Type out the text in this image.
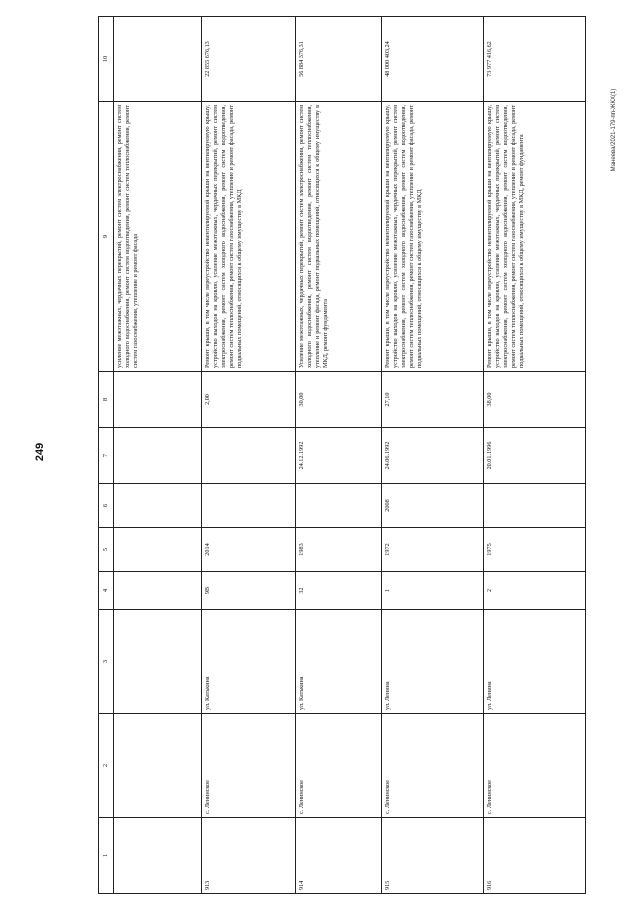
249
Манеева/2021-179-пп-ЖКХ(1)
1	2	3	4	5	6	7	8	9	10
								усиление межэтажных, чердачных перекрытий, ремонт систем электроснабжения, ремонт систем холодного водоснабжения, ремонт систем водоотведения, ремонт систем теплоснабжения, ремонт систем газоснабжения, утепление и ремонт фасада	
913	с. Ленинское	ул. Катькина	9В	2014			2,00	Ремонт крыши, в том числе переустройство невентилируемой крыши на вентилируемую крышу, устройство выходов на кровлю, усиление межэтажных, чердачных перекрытий, ремонт систем электроснабжения, ремонт систем холодного водоснабжения, ремонт систем водоотведения, ремонт систем теплоснабжения, ремонт систем газоснабжения, утепление и ремонт фасада, ремонт подвальных помещений, относящихся к общему имуществу в МКД	22 855 676,13
914	с. Ленинское	ул. Катькина	32	1983		24.12.1992	30,00	Усиление межэтажных, чердачных перекрытий, ремонт систем электроснабжения, ремонт систем холодного водоснабжения, ремонт систем водоотведения, ремонт систем теплоснабжения, утепление и ремонт фасада, ремонт подвальных помещений, относящихся к общему имуществу в МКД, ремонт фундамента	56 884 376,31
915	с. Ленинское	ул. Ленина	1	1972	2008	24.06.1992	27,10	Ремонт крыши, в том числе переустройство невентилируемой крыши на вентилируемую крышу, устройство выходов на кровлю, усиление межэтажных, чердачных перекрытий, ремонт систем электроснабжения, ремонт систем холодного водоснабжения, ремонт систем водоотведения, ремонт систем теплоснабжения, ремонт систем газоснабжения, утепление и ремонт фасада, ремонт подвальных помещений, относящихся к общему имуществу в МКД	48 000 403,24
916	с. Ленинское	ул. Ленина	2	1975		20.01.1996	38,00	Ремонт крыши, в том числе переустройство невентилируемой крыши на вентилируемую крышу, устройство выходов на кровлю, усиление межэтажных, чердачных перекрытий, ремонт систем электроснабжения, ремонт систем холодного водоснабжения, ремонт систем водоотведения, ремонт систем теплоснабжения, ремонт систем газоснабжения, утепление и ремонт фасада, ремонт подвальных помещений, относящихся к общему имуществу в МКД, ремонт фундамента	73 977 416,62
